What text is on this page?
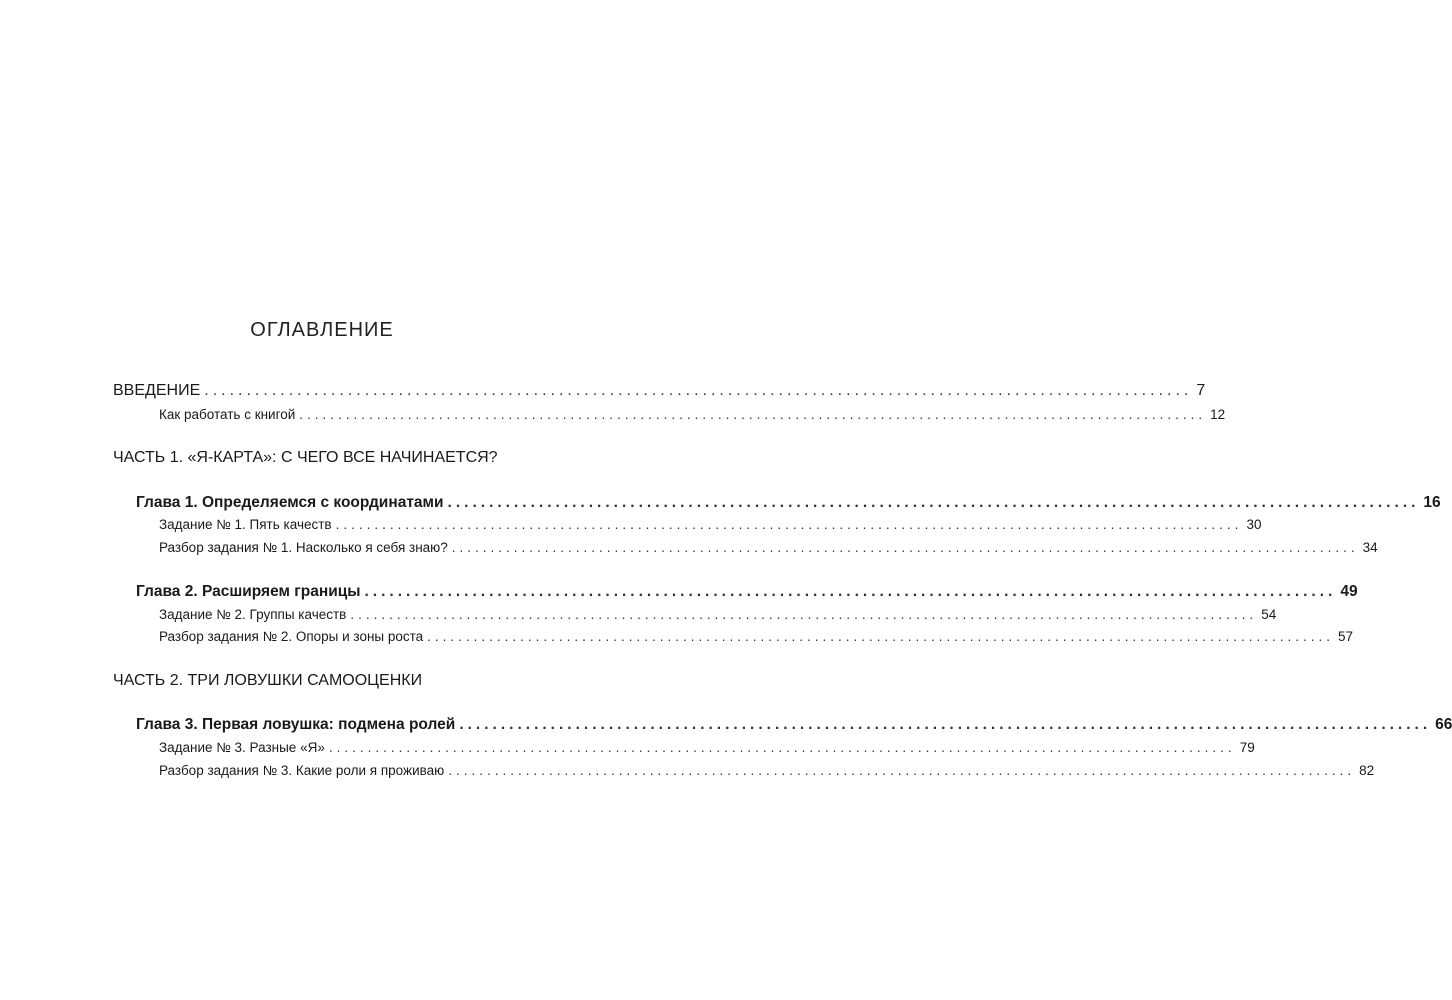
ОГЛАВЛЕНИЕ
ВВЕДЕНИЕ ..................................................................................................................... 7
Как работать с книгой ..................................................................................................................... 12
ЧАСТЬ 1. «Я-КАРТА»: С ЧЕГО ВСЕ НАЧИНАЕТСЯ?
Глава 1. Определяемся с координатами ..................................................................................................................... 16
Задание № 1. Пять качеств ..................................................................................................................... 30
Разбор задания № 1. Насколько я себя знаю? ..................................................................................................................... 34
Глава 2. Расширяем границы ..................................................................................................................... 49
Задание № 2. Группы качеств ..................................................................................................................... 54
Разбор задания № 2. Опоры и зоны роста ..................................................................................................................... 57
ЧАСТЬ 2. ТРИ ЛОВУШКИ САМООЦЕНКИ
Глава 3. Первая ловушка: подмена ролей ..................................................................................................................... 66
Задание № 3. Разные «Я» ..................................................................................................................... 79
Разбор задания № 3. Какие роли я проживаю ..................................................................................................................... 82
